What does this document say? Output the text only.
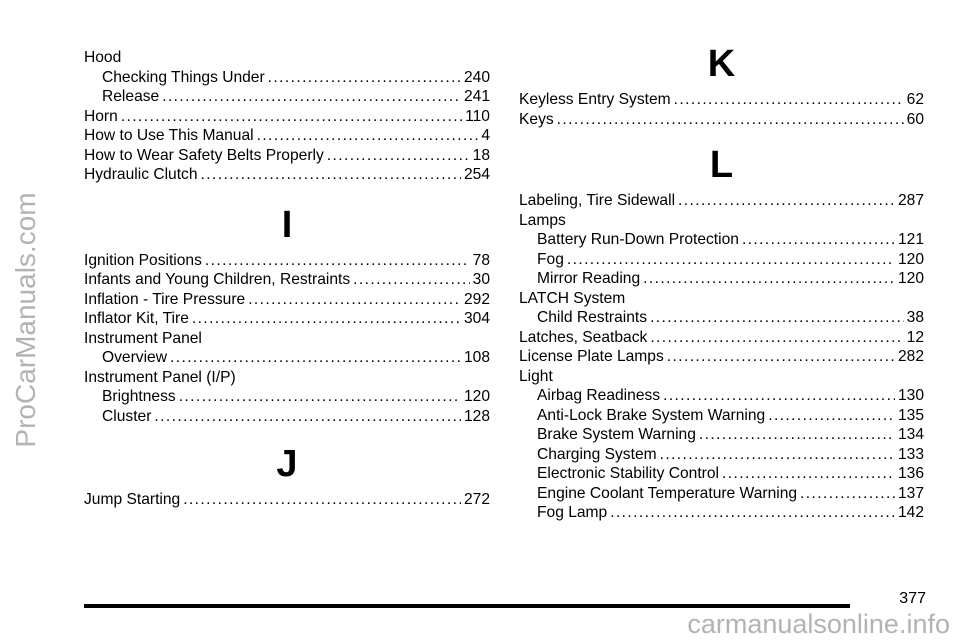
ProCarManuals.com
Hood
Checking Things Under .....	240
Release .....	241
Horn .....	110
How to Use This Manual .....	4
How to Wear Safety Belts Properly .....	18
Hydraulic Clutch .....	254
I
Ignition Positions .....	78
Infants and Young Children, Restraints .....	30
Inflation - Tire Pressure .....	292
Inflator Kit, Tire .....	304
Instrument Panel
Overview .....	108
Instrument Panel (I/P)
Brightness .....	120
Cluster .....	128
J
Jump Starting .....	272
K
Keyless Entry System .....	62
Keys .....	60
L
Labeling, Tire Sidewall .....	287
Lamps
Battery Run-Down Protection .....	121
Fog .....	120
Mirror Reading .....	120
LATCH System
Child Restraints .....	38
Latches, Seatback .....	12
License Plate Lamps .....	282
Light
Airbag Readiness .....	130
Anti-Lock Brake System Warning .....	135
Brake System Warning .....	134
Charging System .....	133
Electronic Stability Control .....	136
Engine Coolant Temperature Warning .....	137
Fog Lamp .....	142
377
carmanualsonline.info
